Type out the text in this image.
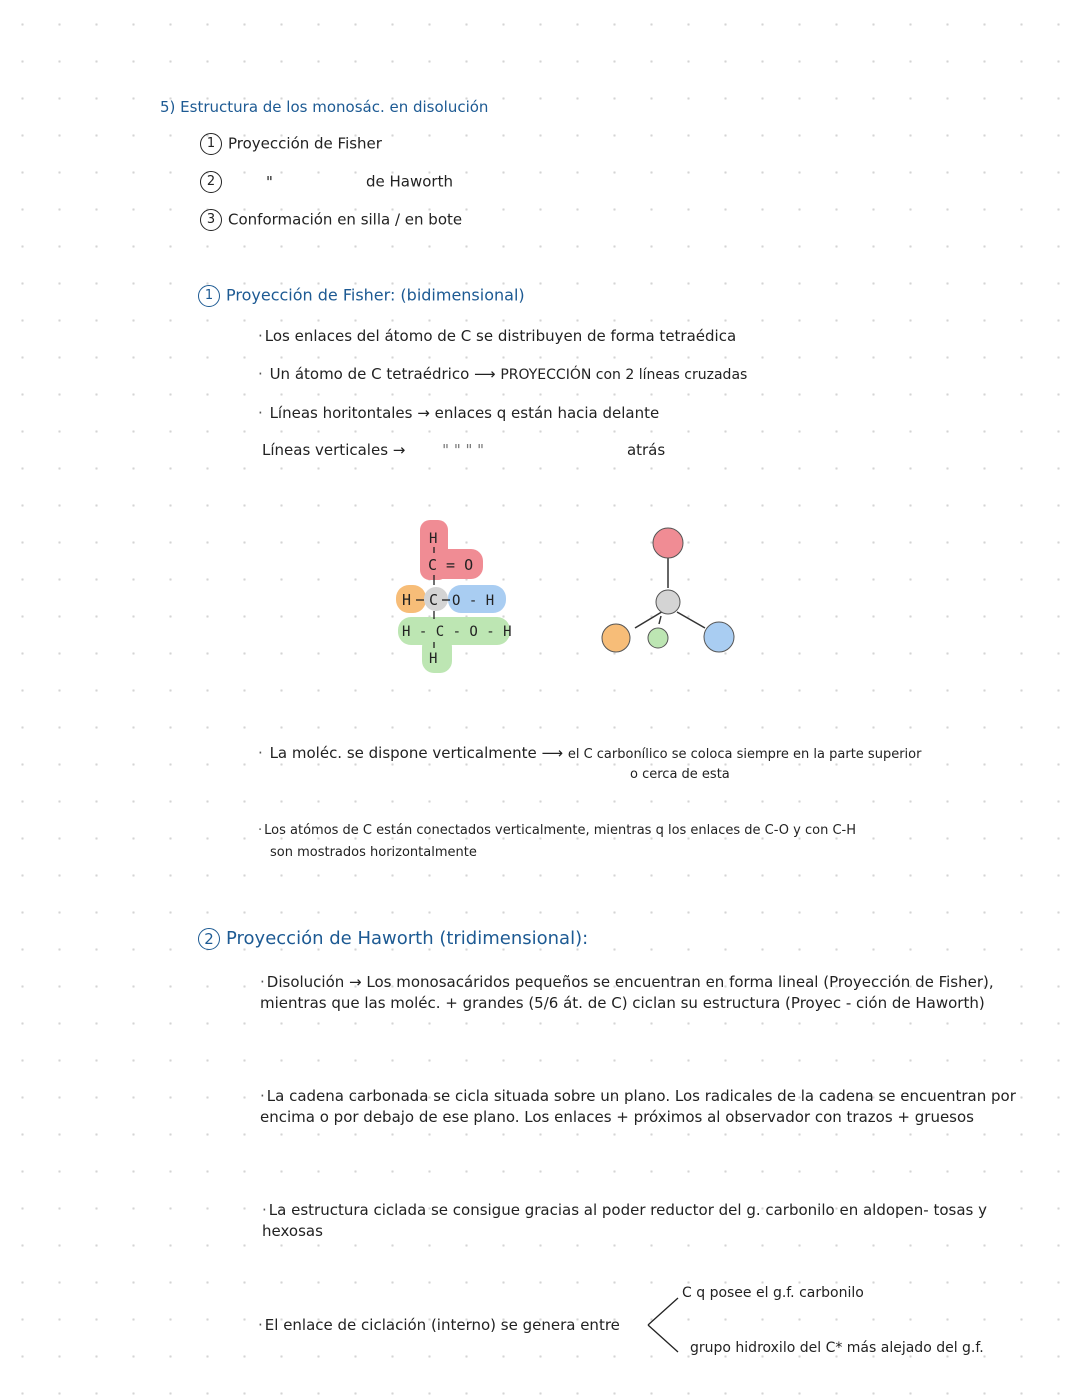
5) Estructura de los monosác. en disolución
1 Proyección de Fisher
2	"	de Haworth
3 Conformación en silla / en bote
1 Proyección de Fisher: (bidimensional)
· Los enlaces del átomo de C se distribuyen de forma tetraédica
· Un átomo de C tetraédrico ⟶ PROYECCIÓN con 2 líneas cruzadas
· Líneas horitontales → enlaces q están hacia delante
Líneas verticales → " " " "	atrás
H
C = O
H C O - H
H - C - O - H
H
· La moléc. se dispone verticalmente ⟶ el C carbonílico se coloca siempre en la parte superior
o cerca de esta
· Los atómos de C están conectados verticalmente, mientras q los enlaces de C-O y con C-H
son mostrados horizontalmente
2 Proyección de Haworth (tridimensional):
· Disolución → Los monosacáridos pequeños se encuentran en forma lineal (Proyección de Fisher), mientras que las moléc. + grandes (5/6 át. de C) ciclan su estructura (Proyec - ción de Haworth)
· La cadena carbonada se cicla situada sobre un plano. Los radicales de la cadena se encuentran por encima o por debajo de ese plano. Los enlaces + próximos al observador con trazos + gruesos
· La estructura ciclada se consigue gracias al poder reductor del g. carbonilo en aldopen- tosas y hexosas
· El enlace de ciclación (interno) se genera entre
C q posee el g.f. carbonilo
grupo hidroxilo del C* más alejado del g.f.
